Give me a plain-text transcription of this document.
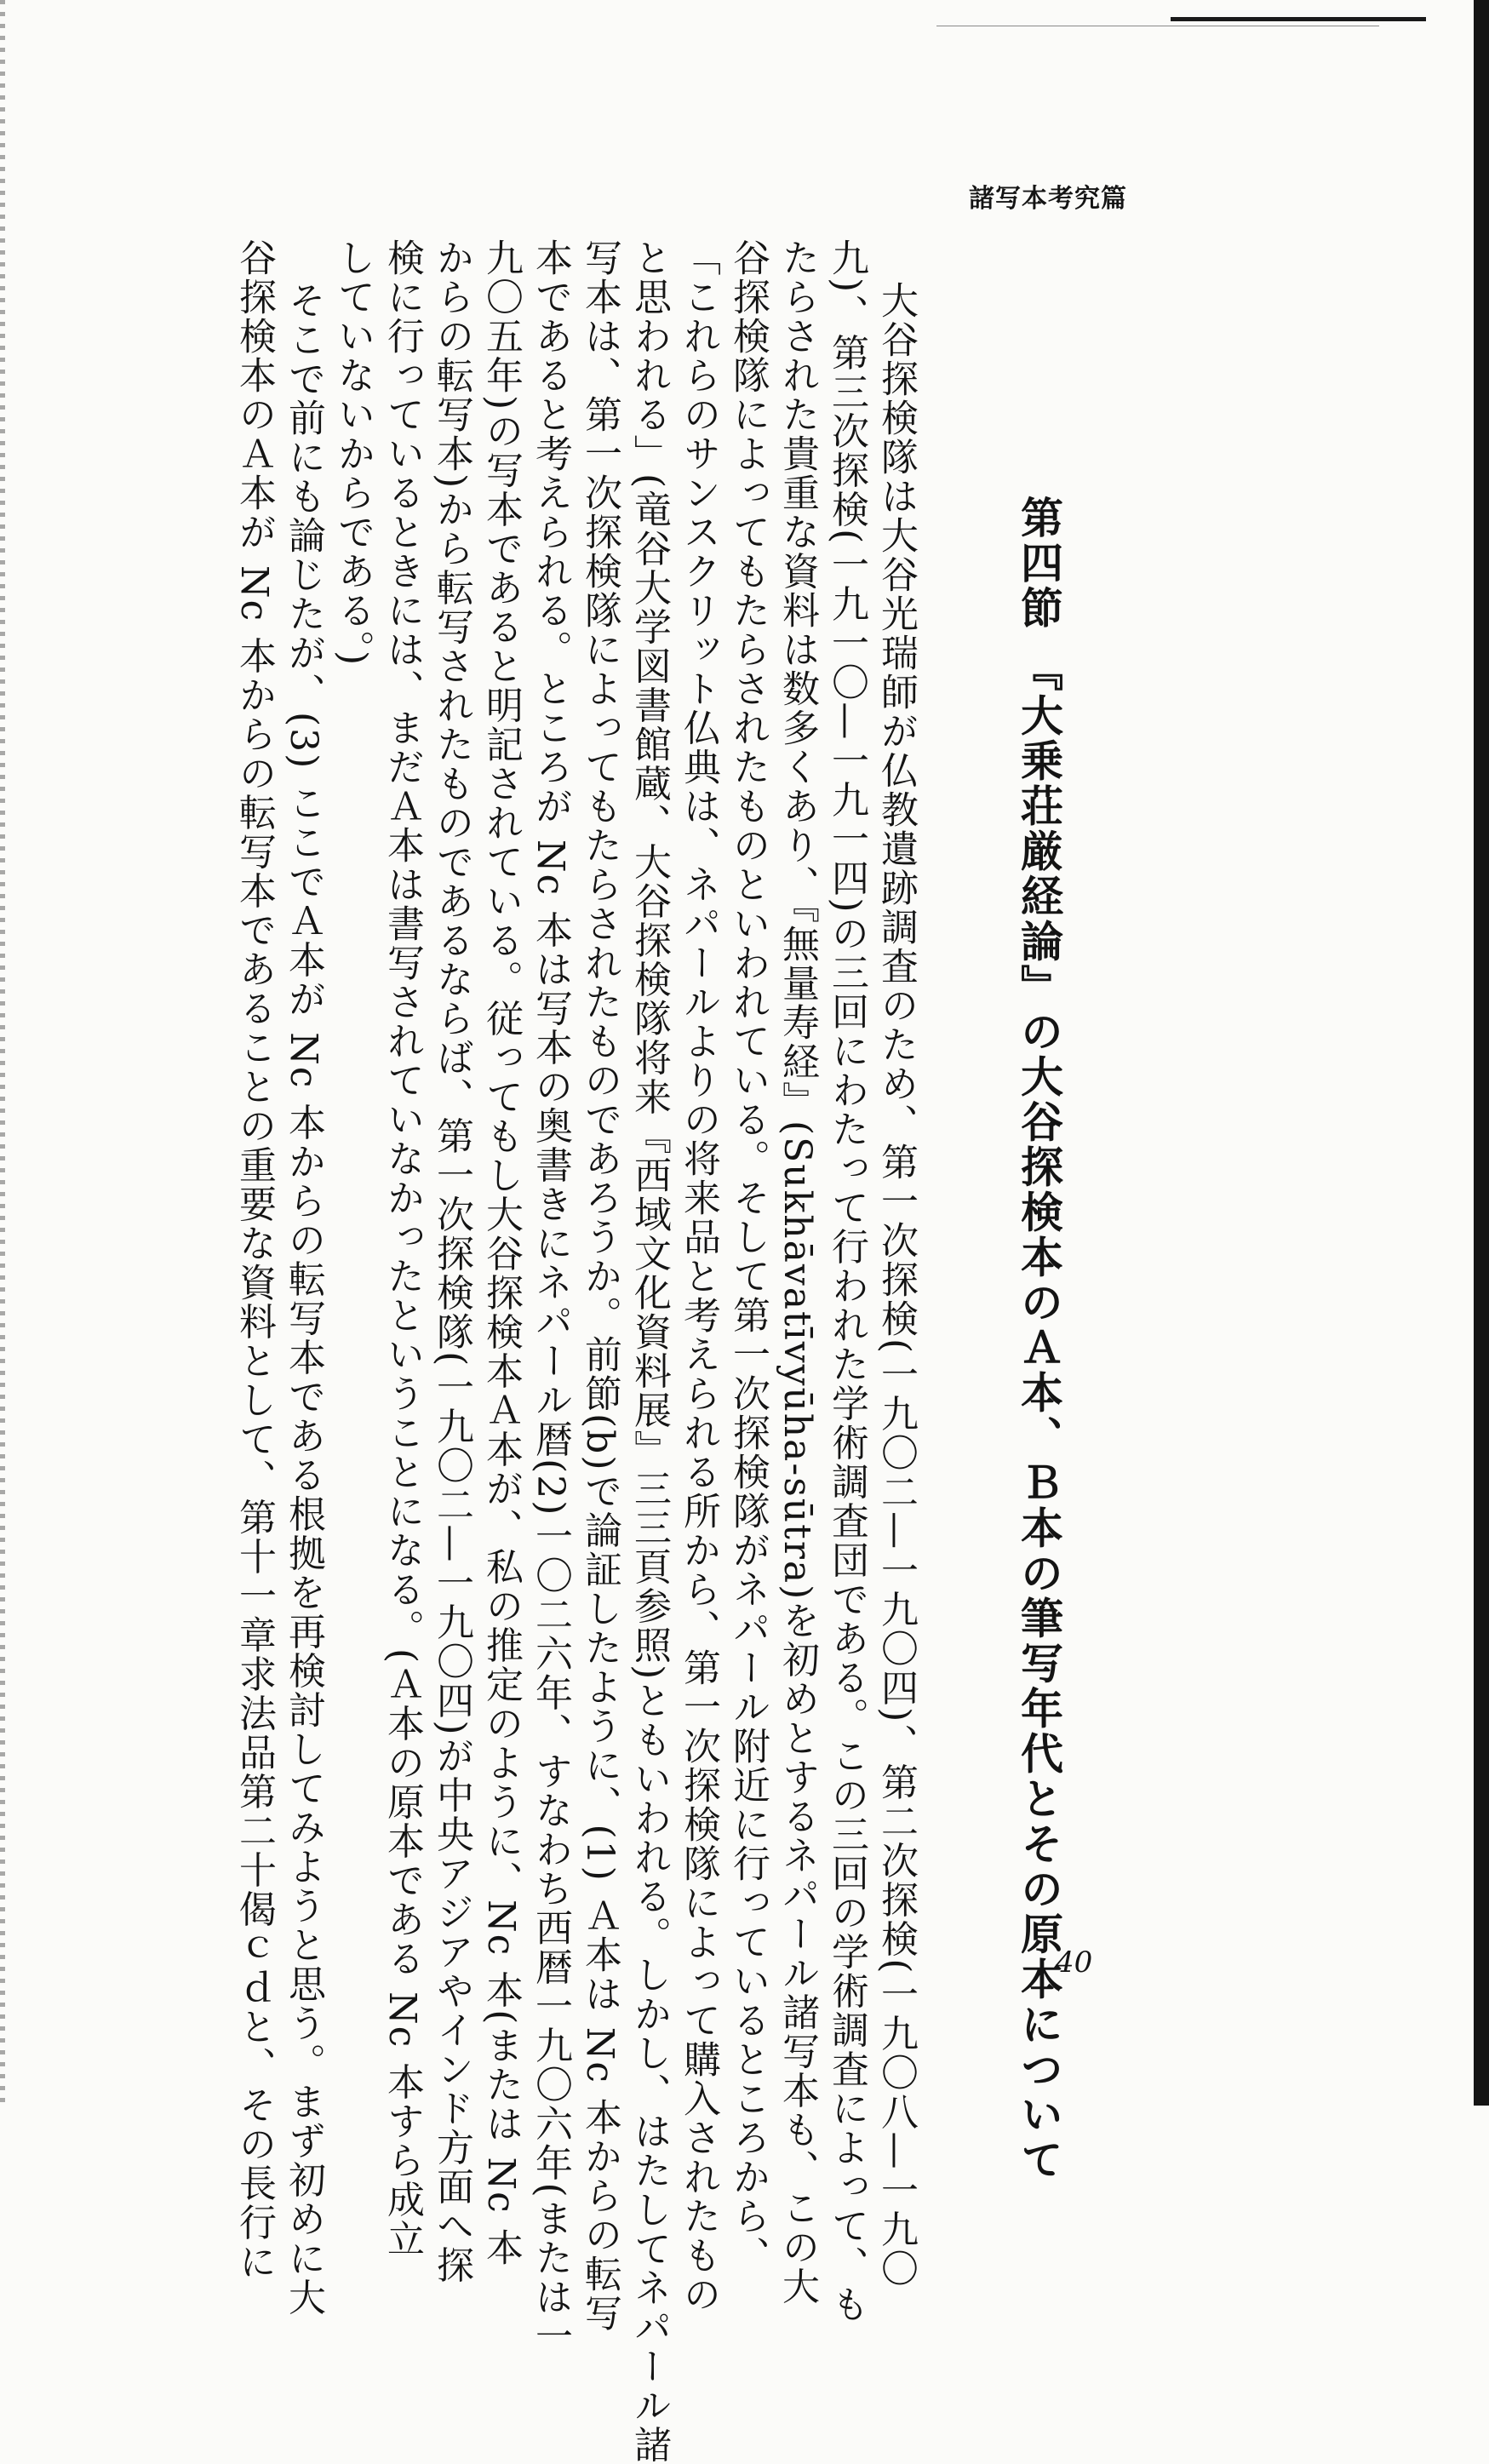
諸写本考究篇
第四節 『大乗荘厳経論』の大谷探検本のＡ本、Ｂ本の筆写年代とその原本について
大谷探検隊は大谷光瑞師が仏教遺跡調査のため、第一次探検(一九〇二—一九〇四)、第二次探検(一九〇八—一九〇
九)、第三次探検(一九一〇—一九一四)の三回にわたって行われた学術調査団である。この三回の学術調査によって、も
たらされた貴重な資料は数多くあり、『無量寿経』(Sukhāvatīvyūha-sūtra)を初めとするネパール諸写本も、この大
谷探検隊によってもたらされたものといわれている。そして第一次探検隊がネパール附近に行っているところから、
「これらのサンスクリット仏典は、ネパールよりの将来品と考えられる所から、第一次探検隊によって購入されたもの
と思われる」(竜谷大学図書館蔵、大谷探検隊将来『西域文化資料展』三三頁参照)ともいわれる。しかし、はたしてネパール諸
写本は、第一次探検隊によってもたらされたものであろうか。前節(b)で論証したように、(1) Ａ本は Nc 本からの転写
本であると考えられる。ところが Nc 本は写本の奥書きにネパール暦(2)一〇二六年、すなわち西暦一九〇六年(または一
九〇五年)の写本であると明記されている。従ってもし大谷探検本Ａ本が、私の推定のように、Nc 本(または Nc 本
からの転写本)から転写されたものであるならば、第一次探検隊(一九〇二—一九〇四)が中央アジアやインド方面へ探
検に行っているときには、まだＡ本は書写されていなかったということになる。(Ａ本の原本である Nc 本すら成立
していないからである。)
そこで前にも論じたが、(3) ここでＡ本が Nc 本からの転写本である根拠を再検討してみようと思う。まず初めに大
谷探検本のＡ本が Nc 本からの転写本であることの重要な資料として、第十一章求法品第二十偈ｃｄと、その長行に	40
